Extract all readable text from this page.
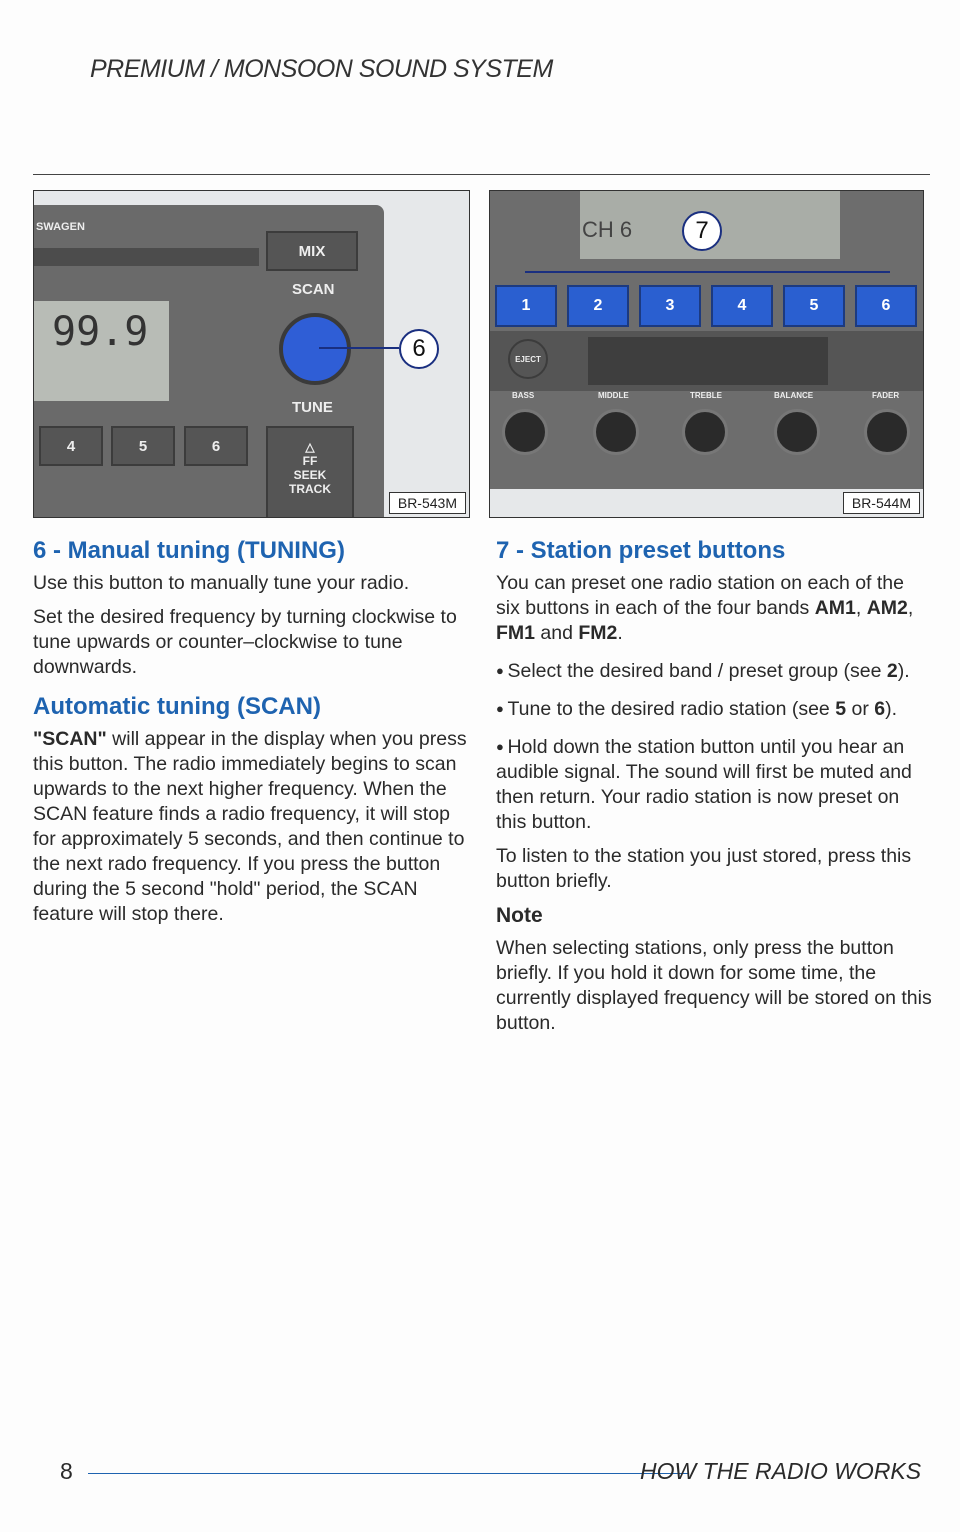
PREMIUM / MONSOON SOUND SYSTEM
SWAGEN
99.9
MIX
SCAN
6
TUNE
4	5	6	△
FF
SEEK
TRACK
BR-543M
CH 6	7
1	2	3	4	5	6
EJECT
BASS	MIDDLE	TREBLE	BALANCE	FADER
BR-544M
6 - Manual tuning (TUNING)

Use this button to manually tune your radio.

Set the desired frequency by turning clockwise to tune upwards or counter–clockwise to tune downwards.

Automatic tuning (SCAN)

"SCAN" will appear in the display when you press this button. The radio immediately begins to scan upwards to the next higher frequency. When the SCAN feature finds a radio frequency, it will stop for approximately 5 seconds, and then continue to the next rado frequency. If you press the button during the 5 second "hold" period, the SCAN feature will stop there.

7 - Station preset buttons

You can preset one radio station on each of the six buttons in each of the four bands AM1, AM2, FM1 and FM2.

● Select the desired band / preset group (see 2).

● Tune to the desired radio station (see 5 or 6).

● Hold down the station button until you hear an audible signal. The sound will first be muted and then return. Your radio station is now preset on this button.

To listen to the station you just stored, press this button briefly.

Note

When selecting stations, only press the button briefly. If you hold it down for some time, the currently displayed frequency will be stored on this button.

8	HOW THE RADIO WORKS
